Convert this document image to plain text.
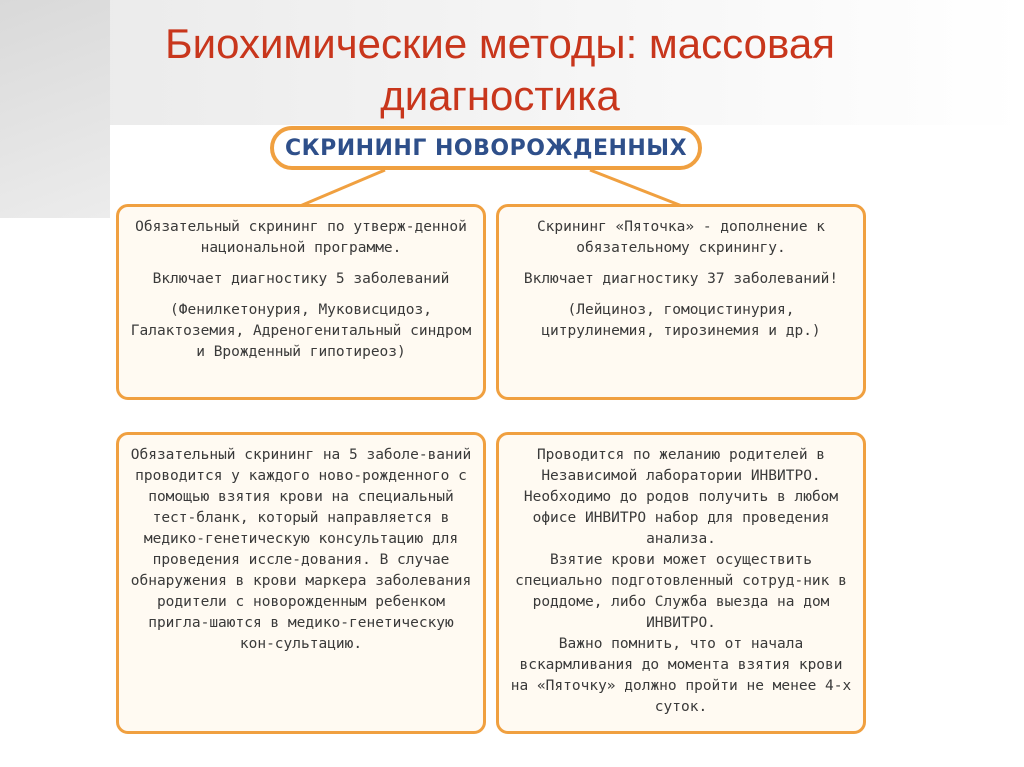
Биохимические методы: массовая диагностика
СКРИНИНГ НОВОРОЖДЕННЫХ

Обязательный скрининг по утверж-денной национальной программе.

Включает диагностику 5 заболеваний

(Фенилкетонурия, Муковисцидоз, Галактоземия, Адреногенитальный синдром и Врожденный гипотиреоз)

Скрининг «Пяточка» - дополнение к обязательному скринингу.

Включает диагностику 37 заболеваний!

(Лейциноз, гомоцистинурия, цитрулинемия, тирозинемия и др.)

Обязательный скрининг на 5 заболе-ваний проводится у каждого ново-рожденного с помощью взятия крови на специальный тест-бланк, который направляется в медико-генетическую консультацию для проведения иссле-дования. В случае обнаружения в крови маркера заболевания родители с новорожденным ребенком пригла-шаются в медико-генетическую кон-сультацию.

Проводится по желанию родителей в Независимой лаборатории ИНВИТРО.

Необходимо до родов получить в любом офисе ИНВИТРО набор для проведения анализа.

Взятие крови может осуществить специально подготовленный сотруд-ник в роддоме, либо Служба выезда на дом ИНВИТРО.

Важно помнить, что от начала вскармливания до момента взятия крови на «Пяточку» должно пройти не менее 4-х суток.
